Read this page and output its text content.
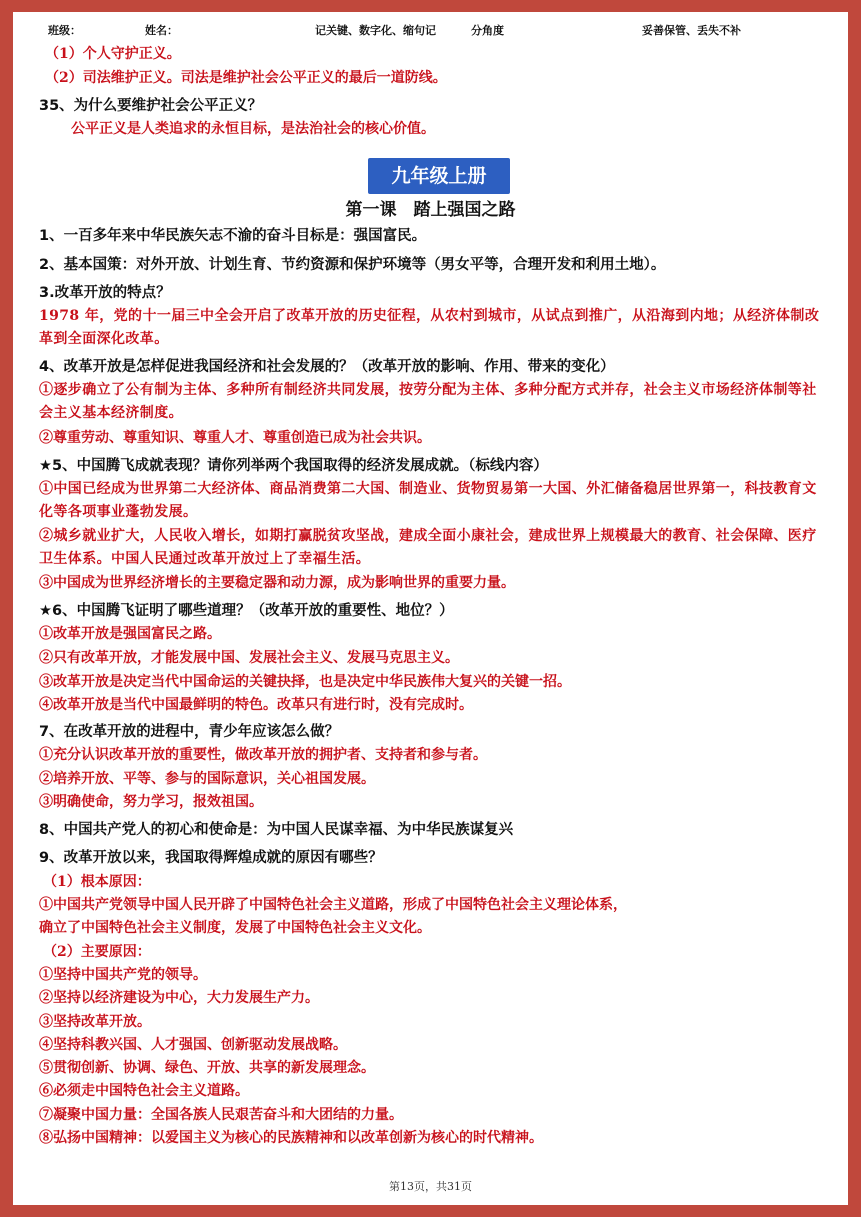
班级：	姓名：	记关键、数字化、缩句记	分角度	妥善保管、丢失不补
（1）个人守护正义。
（2）司法维护正义。司法是维护社会公平正义的最后一道防线。
35、为什么要维护社会公平正义？
公平正义是人类追求的永恒目标，是法治社会的核心价值。
九年级上册
第一课　踏上强国之路
1、一百多年来中华民族矢志不渝的奋斗目标是：强国富民。
2、基本国策：对外开放、计划生育、节约资源和保护环境等（男女平等，合理开发和利用土地）。
3.改革开放的特点？
1978 年，党的十一届三中全会开启了改革开放的历史征程，从农村到城市，从试点到推广，从沿海到内地；从经济体制改革到全面深化改革。
4、改革开放是怎样促进我国经济和社会发展的？（改革开放的影响、作用、带来的变化）
①逐步确立了公有制为主体、多种所有制经济共同发展，按劳分配为主体、多种分配方式并存，社会主义市场经济体制等社会主义基本经济制度。
②尊重劳动、尊重知识、尊重人才、尊重创造已成为社会共识。
★5、中国腾飞成就表现？请你列举两个我国取得的经济发展成就。（标线内容）
①中国已经成为世界第二大经济体、商品消费第二大国、制造业、货物贸易第一大国、外汇储备稳居世界第一，科技教育文化等各项事业蓬勃发展。
②城乡就业扩大，人民收入增长，如期打赢脱贫攻坚战，建成全面小康社会，建成世界上规模最大的教育、社会保障、医疗卫生体系。中国人民通过改革开放过上了幸福生活。
③中国成为世界经济增长的主要稳定器和动力源，成为影响世界的重要力量。
★6、中国腾飞证明了哪些道理？（改革开放的重要性、地位？）
①改革开放是强国富民之路。
②只有改革开放，才能发展中国、发展社会主义、发展马克思主义。
③改革开放是决定当代中国命运的关键抉择，也是决定中华民族伟大复兴的关键一招。
④改革开放是当代中国最鲜明的特色。改革只有进行时，没有完成时。
7、在改革开放的进程中，青少年应该怎么做？
①充分认识改革开放的重要性，做改革开放的拥护者、支持者和参与者。
②培养开放、平等、参与的国际意识，关心祖国发展。
③明确使命，努力学习，报效祖国。
8、中国共产党人的初心和使命是：为中国人民谋幸福、为中华民族谋复兴
9、改革开放以来，我国取得辉煌成就的原因有哪些？
（1）根本原因：
①中国共产党领导中国人民开辟了中国特色社会主义道路，形成了中国特色社会主义理论体系，
确立了中国特色社会主义制度，发展了中国特色社会主义文化。
（2）主要原因：
①坚持中国共产党的领导。
②坚持以经济建设为中心，大力发展生产力。
③坚持改革开放。
④坚持科教兴国、人才强国、创新驱动发展战略。
⑤贯彻创新、协调、绿色、开放、共享的新发展理念。
⑥必须走中国特色社会主义道路。
⑦凝聚中国力量：全国各族人民艰苦奋斗和大团结的力量。
⑧弘扬中国精神：以爱国主义为核心的民族精神和以改革创新为核心的时代精神。
第13页，共31页
